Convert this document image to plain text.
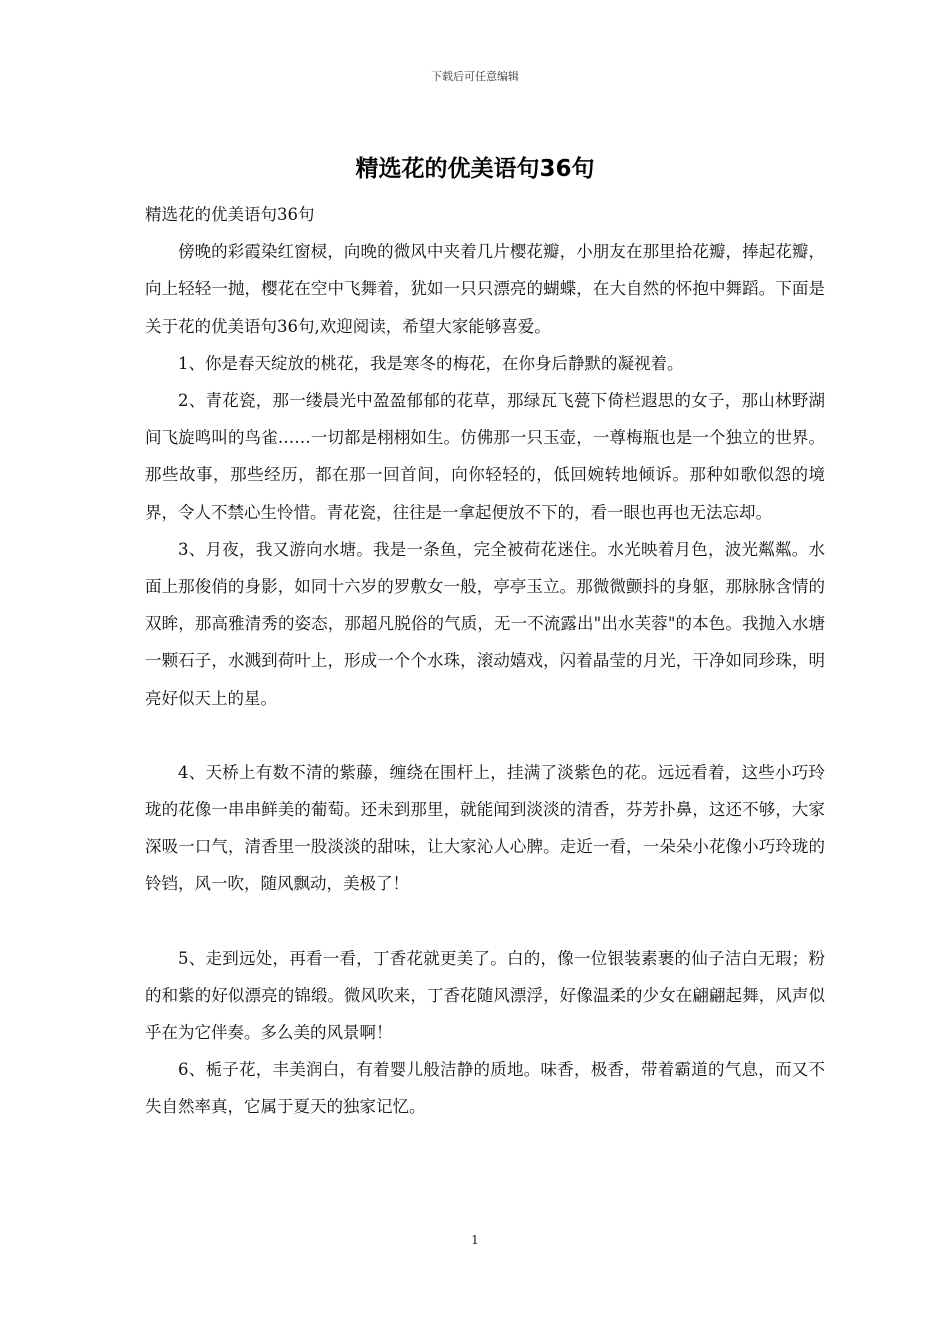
下载后可任意编辑
精选花的优美语句36句

精选花的优美语句36句

傍晚的彩霞染红窗棂，向晚的微风中夹着几片樱花瓣，小朋友在那里拾花瓣，捧起花瓣，向上轻轻一抛，樱花在空中飞舞着，犹如一只只漂亮的蝴蝶，在大自然的怀抱中舞蹈。下面是关于花的优美语句36句,欢迎阅读，希望大家能够喜爱。

1、你是春天绽放的桃花，我是寒冬的梅花，在你身后静默的凝视着。

2、青花瓷，那一缕晨光中盈盈郁郁的花草，那绿瓦飞甍下倚栏遐思的女子，那山林野湖间飞旋鸣叫的鸟雀……一切都是栩栩如生。仿佛那一只玉壶，一尊梅瓶也是一个独立的世界。那些故事，那些经历，都在那一回首间，向你轻轻的，低回婉转地倾诉。那种如歌似怨的境界，令人不禁心生怜惜。青花瓷，往往是一拿起便放不下的，看一眼也再也无法忘却。

3、月夜，我又游向水塘。我是一条鱼，完全被荷花迷住。水光映着月色，波光粼粼。水面上那俊俏的身影，如同十六岁的罗敷女一般，亭亭玉立。那微微颤抖的身躯，那脉脉含情的双眸，那高雅清秀的姿态，那超凡脱俗的气质，无一不流露出"出水芙蓉"的本色。我抛入水塘一颗石子，水溅到荷叶上，形成一个个水珠，滚动嬉戏，闪着晶莹的月光，干净如同珍珠，明亮好似天上的星。

4、天桥上有数不清的紫藤，缠绕在围杆上，挂满了淡紫色的花。远远看着，这些小巧玲珑的花像一串串鲜美的葡萄。还未到那里，就能闻到淡淡的清香，芬芳扑鼻，这还不够，大家深吸一口气，清香里一股淡淡的甜味，让大家沁人心脾。走近一看，一朵朵小花像小巧玲珑的铃铛，风一吹，随风飘动，美极了！

5、走到远处，再看一看，丁香花就更美了。白的，像一位银装素裹的仙子洁白无瑕；粉的和紫的好似漂亮的锦缎。微风吹来，丁香花随风漂浮，好像温柔的少女在翩翩起舞，风声似乎在为它伴奏。多么美的风景啊！

6、栀子花，丰美润白，有着婴儿般洁静的质地。味香，极香，带着霸道的气息，而又不失自然率真，它属于夏天的独家记忆。

1
